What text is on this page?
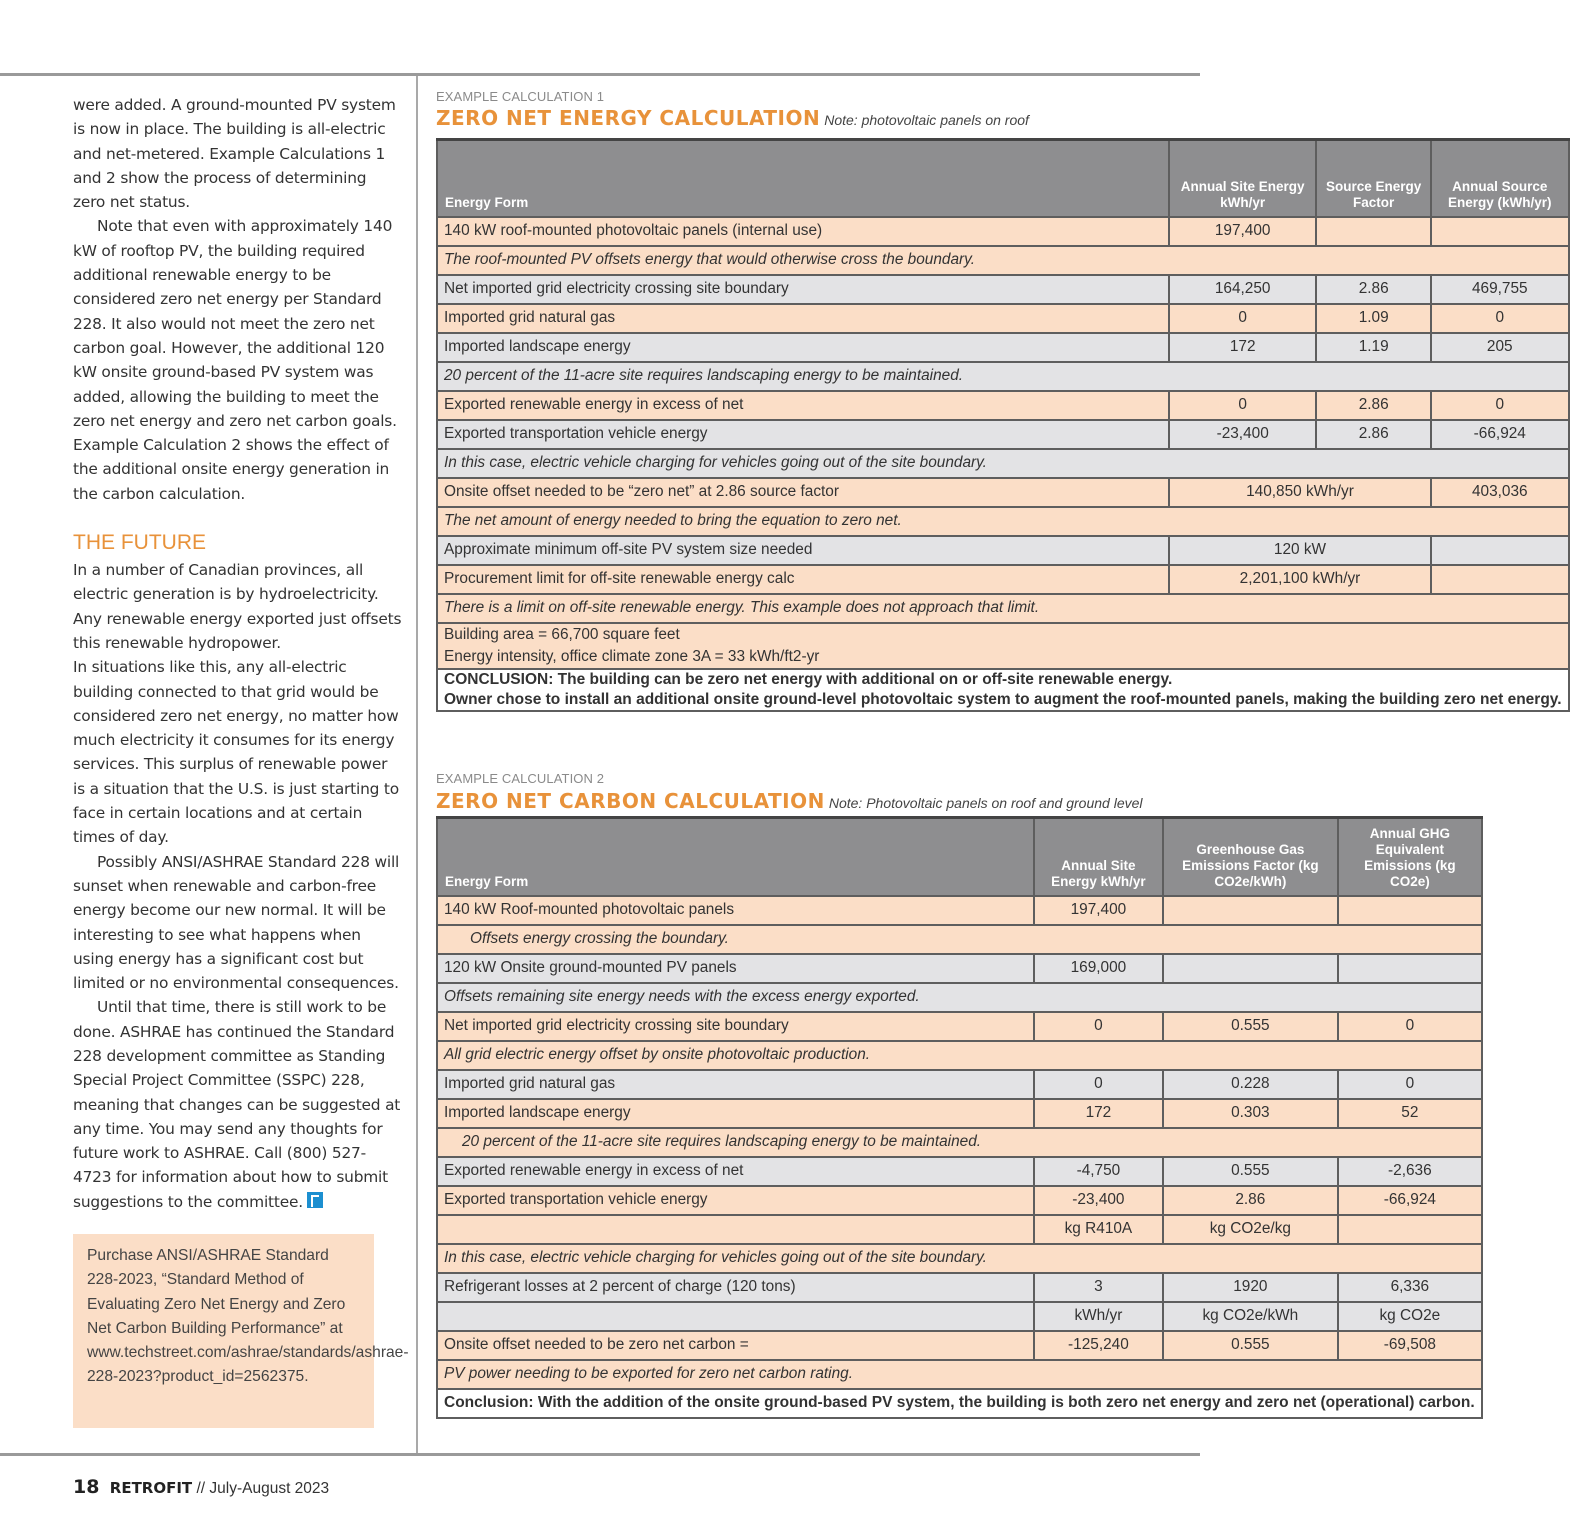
were added. A ground-mounted PV system is now in place. The building is all-electric and net-metered. Example Calculations 1 and 2 show the process of determining zero net status.

Note that even with approximately 140 kW of rooftop PV, the building required additional renewable energy to be considered zero net energy per Standard 228. It also would not meet the zero net carbon goal. However, the additional 120 kW onsite ground-based PV system was added, allowing the building to meet the zero net energy and zero net carbon goals. Example Calculation 2 shows the effect of the additional onsite energy generation in the carbon calculation.

THE FUTURE

In a number of Canadian provinces, all electric generation is by hydroelectricity. Any renewable energy exported just offsets this renewable hydropower.

In situations like this, any all-electric building connected to that grid would be considered zero net energy, no matter how much electricity it consumes for its energy services. This surplus of renewable power is a situation that the U.S. is just starting to face in certain locations and at certain times of day.

Possibly ANSI/ASHRAE Standard 228 will sunset when renewable and carbon-free energy become our new normal. It will be interesting to see what happens when using energy has a significant cost but limited or no environmental consequences.

Until that time, there is still work to be done. ASHRAE has continued the Standard 228 development committee as Standing Special Project Committee (SSPC) 228, meaning that changes can be suggested at any time. You may send any thoughts for future work to ASHRAE. Call (800) 527-4723 for information about how to submit suggestions to the committee.

Purchase ANSI/ASHRAE Standard 228-2023, “Standard Method of Evaluating Zero Net Energy and Zero Net Carbon Building Performance” at www.techstreet.com/ashrae/standards/ashrae-228-2023?product_id=2562375.
EXAMPLE CALCULATION 1
ZERO NET ENERGY CALCULATION Note: photovoltaic panels on roof
Energy Form	Annual Site Energy kWh/yr	Source Energy Factor	Annual Source Energy (kWh/yr)
140 kW roof-mounted photovoltaic panels (internal use)	197,400		
The roof-mounted PV offsets energy that would otherwise cross the boundary.			
Net imported grid electricity crossing site boundary	164,250	2.86	469,755
Imported grid natural gas	0	1.09	0
Imported landscape energy	172	1.19	205
20 percent of the 11-acre site requires landscaping energy to be maintained.			
Exported renewable energy in excess of net	0	2.86	0
Exported transportation vehicle energy	-23,400	2.86	-66,924
In this case, electric vehicle charging for vehicles going out of the site boundary.			
Onsite offset needed to be “zero net” at 2.86 source factor	140,850 kWh/yr		403,036
The net amount of energy needed to bring the equation to zero net.			
Approximate minimum off-site PV system size needed	120 kW		
Procurement limit for off-site renewable energy calc	2,201,100 kWh/yr		
There is a limit on off-site renewable energy. This example does not approach that limit.			

Building area = 66,700 square feet
Energy intensity, office climate zone 3A = 33 kWh/ft2-yr			

CONCLUSION: The building can be zero net energy with additional on or off-site renewable energy.
Owner chose to install an additional onsite ground-level photovoltaic system to augment the roof-mounted panels, making the building zero net energy.			
EXAMPLE CALCULATION 2
ZERO NET CARBON CALCULATION Note: Photovoltaic panels on roof and ground level
Energy Form	Annual Site Energy kWh/yr	Greenhouse Gas Emissions Factor (kg CO2e/kWh)	Annual GHG Equivalent Emissions (kg CO2e)
140 kW Roof-mounted photovoltaic panels	197,400		
Offsets energy crossing the boundary.			
120 kW Onsite ground-mounted PV panels	169,000		
Offsets remaining site energy needs with the excess energy exported.			
Net imported grid electricity crossing site boundary	0	0.555	0
All grid electric energy offset by onsite photovoltaic production.			
Imported grid natural gas	0	0.228	0
Imported landscape energy	172	0.303	52
20 percent of the 11-acre site requires landscaping energy to be maintained.			
Exported renewable energy in excess of net	-4,750	0.555	-2,636
Exported transportation vehicle energy	-23,400	2.86	-66,924
	kg R410A	kg CO2e/kg	
In this case, electric vehicle charging for vehicles going out of the site boundary.			
Refrigerant losses at 2 percent of charge (120 tons)	3	1920	6,336
	kWh/yr	kg CO2e/kWh	kg CO2e
Onsite offset needed to be zero net carbon =	-125,240	0.555	-69,508
PV power needing to be exported for zero net carbon rating.			
Conclusion: With the addition of the onsite ground-based PV system, the building is both zero net energy and zero net (operational) carbon.			
18 RETROFIT // July-August 2023
